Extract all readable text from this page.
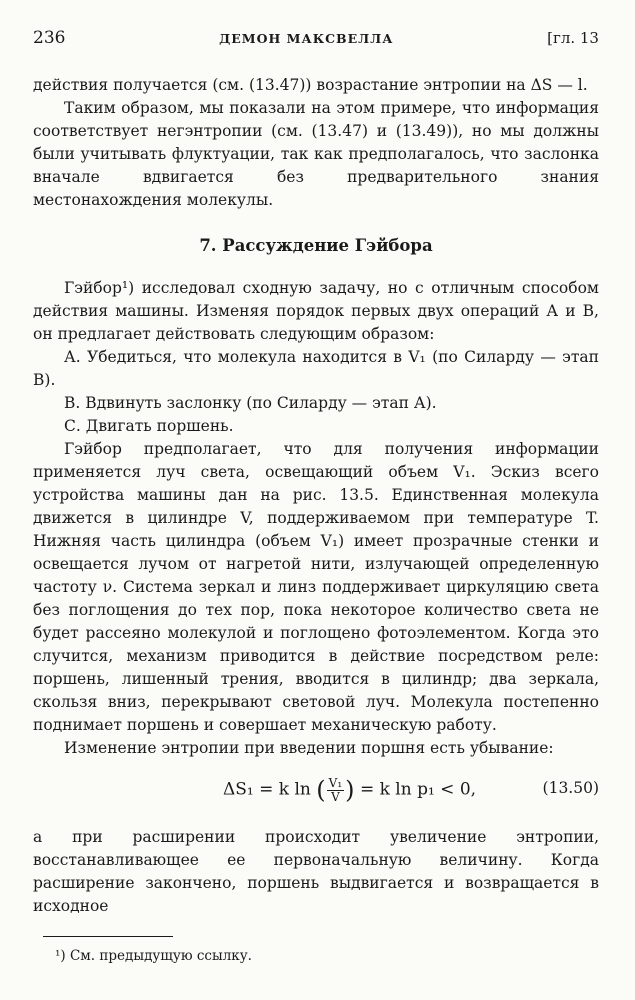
236	ДЕМОН МАКСВЕЛЛА	[гл. 13

действия получается (см. (13.47)) возрастание энтропии на ΔS — l.

Таким образом, мы показали на этом примере, что информация соответствует негэнтропии (см. (13.47) и (13.49)), но мы должны были учитывать флуктуации, так как предполагалось, что заслонка вначале вдвигается без предварительного знания местонахождения молекулы.

7. Рассуждение Гэйбора

Гэйбор¹) исследовал сходную задачу, но с отличным способом действия машины. Изменяя порядок первых двух операций А и В, он предлагает действовать следующим образом:

А. Убедиться, что молекула находится в V₁ (по Силарду — этап В).

В. Вдвинуть заслонку (по Силарду — этап А).

С. Двигать поршень.

Гэйбор предполагает, что для получения информации применяется луч света, освещающий объем V₁. Эскиз всего устройства машины дан на рис. 13.5. Единственная молекула движется в цилиндре V, поддерживаемом при температуре T. Нижняя часть цилиндра (объем V₁) имеет прозрачные стенки и освещается лучом от нагретой нити, излучающей определенную частоту ν. Система зеркал и линз поддерживает циркуляцию света без поглощения до тех пор, пока некоторое количество света не будет рассеяно молекулой и поглощено фотоэлементом. Когда это случится, механизм приводится в действие посредством реле: поршень, лишенный трения, вводится в цилиндр; два зеркала, скользя вниз, перекрывают световой луч. Молекула постепенно поднимает поршень и совершает механическую работу.

Изменение энтропии при введении поршня есть убывание:

ΔS₁ = k ln ( $\frac{\text{V₁}}{V}$ ) = k ln p₁ < 0,	(13.50)

а при расширении происходит увеличение энтропии, восстанавливающее ее первоначальную величину. Когда расширение закончено, поршень выдвигается и возвращается в исходное

¹) См. предыдущую ссылку.
